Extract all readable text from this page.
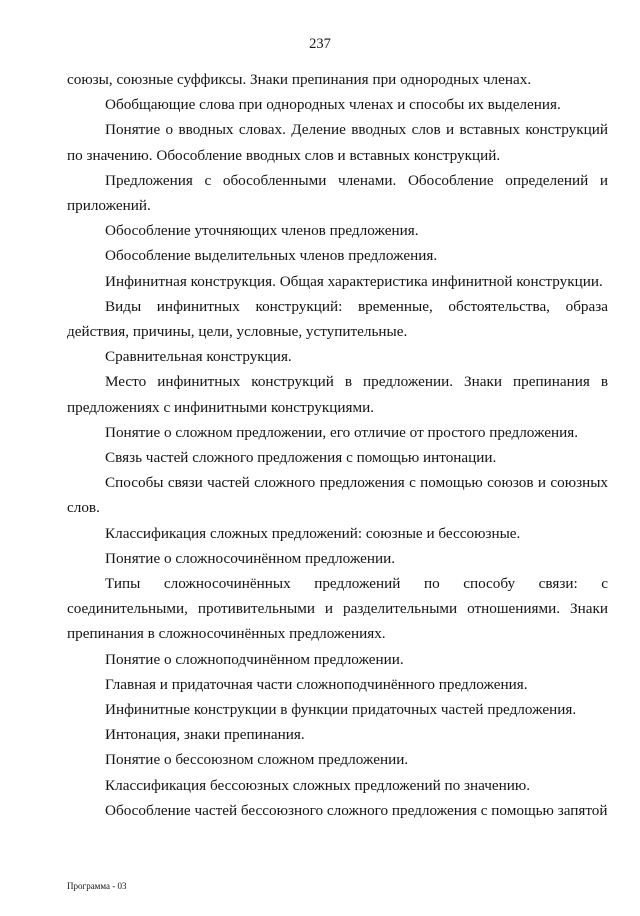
237

союзы, союзные суффиксы. Знаки препинания при однородных членах.

Обобщающие слова при однородных членах и способы их выделения.

Понятие о вводных словах. Деление вводных слов и вставных конструкций по значению. Обособление вводных слов и вставных конструкций.

Предложения с обособленными членами. Обособление определений и приложений.

Обособление уточняющих членов предложения.

Обособление выделительных членов предложения.

Инфинитная конструкция. Общая характеристика инфинитной конструкции.

Виды инфинитных конструкций: временные, обстоятельства, образа действия, причины, цели, условные, уступительные.

Сравнительная конструкция.

Место инфинитных конструкций в предложении. Знаки препинания в предложениях с инфинитными конструкциями.

Понятие о сложном предложении, его отличие от простого предложения.

Связь частей сложного предложения с помощью интонации.

Способы связи частей сложного предложения с помощью союзов и союзных слов.

Классификация сложных предложений: союзные и бессоюзные.

Понятие о сложносочинённом предложении.

Типы сложносочинённых предложений по способу связи: с соединительными, противительными и разделительными отношениями. Знаки препинания в сложносочинённых предложениях.

Понятие о сложноподчинённом предложении.

Главная и придаточная части сложноподчинённого предложения.

Инфинитные конструкции в функции придаточных частей предложения.

Интонация, знаки препинания.

Понятие о бессоюзном сложном предложении.

Классификация бессоюзных сложных предложений по значению.

Обособление частей бессоюзного сложного предложения с помощью запятой

Программа - 03
